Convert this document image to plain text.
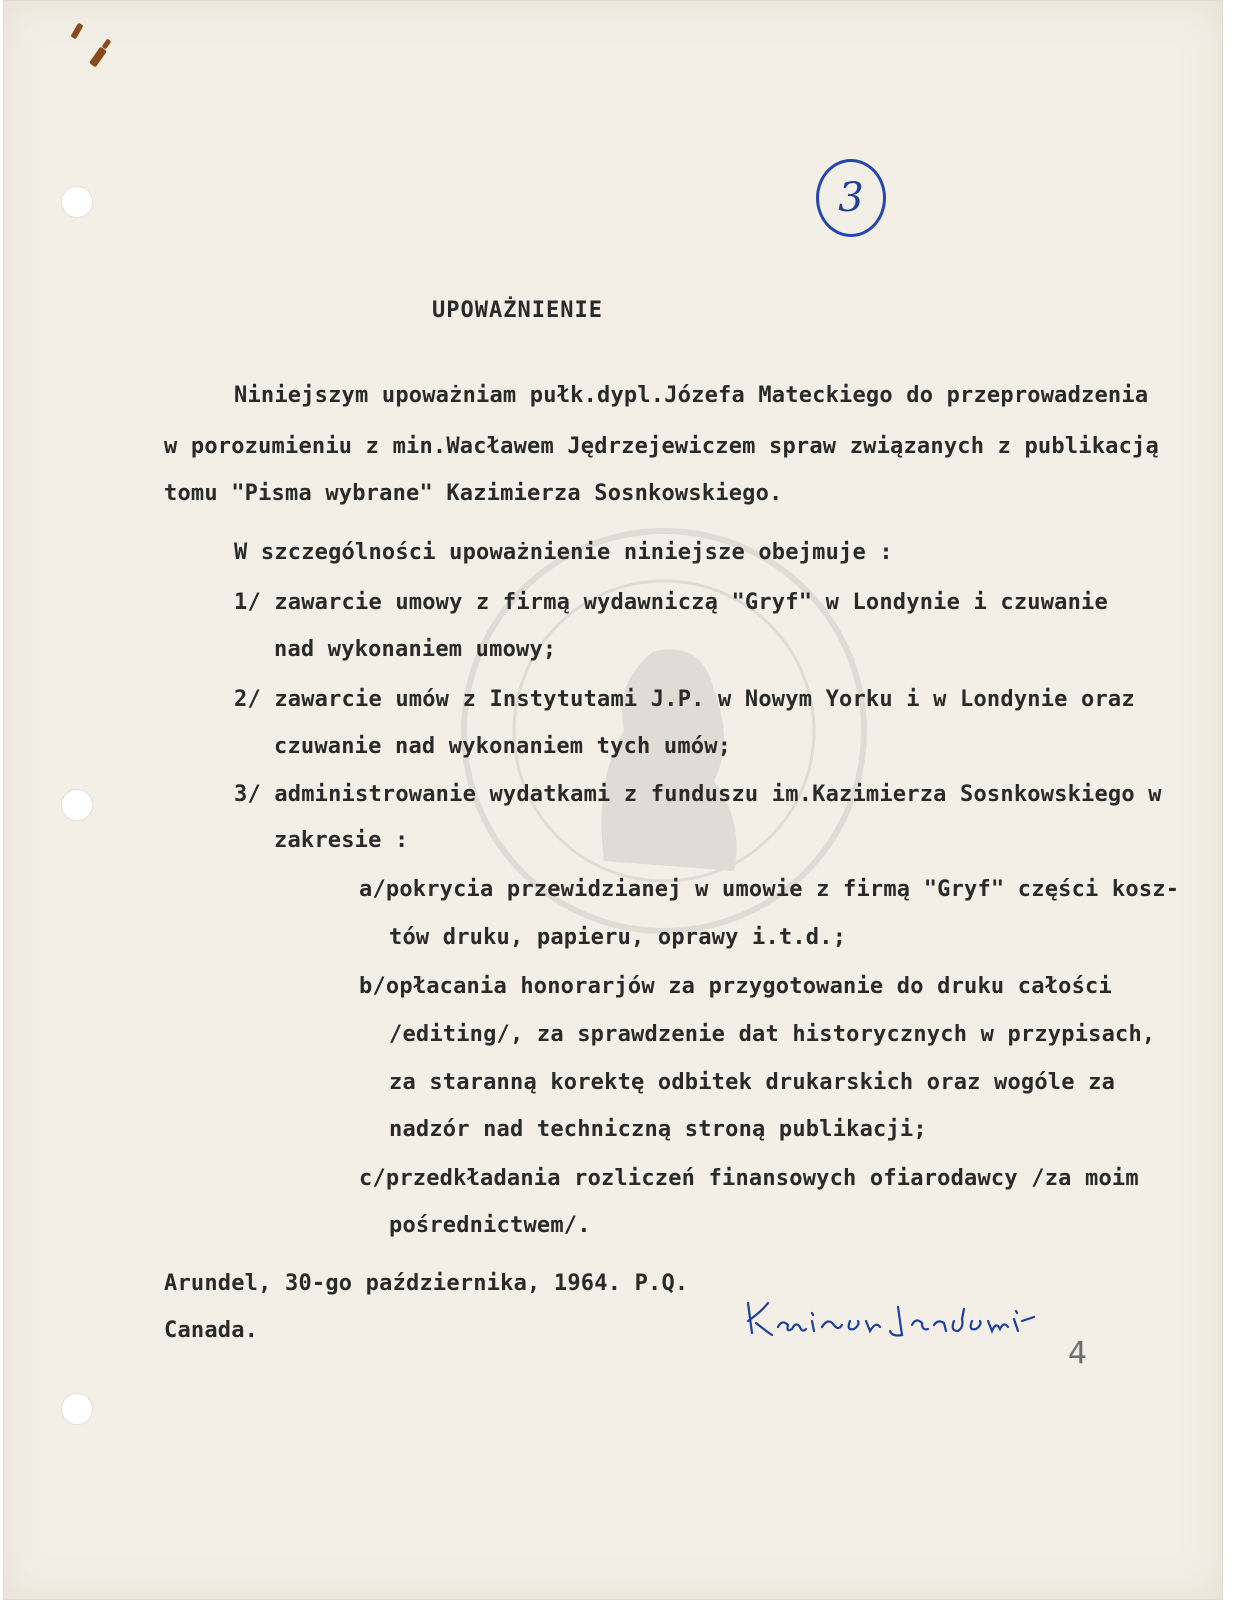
3
UPOWAŻNIENIE
Niniejszym upoważniam pułk.dypl.Józefa Mateckiego do przeprowadzenia
w porozumieniu z min.Wacławem Jędrzejewiczem spraw związanych z publikacją
tomu "Pisma wybrane" Kazimierza Sosnkowskiego.
W szczególności upoważnienie niniejsze obejmuje :
1/ zawarcie umowy z firmą wydawniczą "Gryf" w Londynie i czuwanie
nad wykonaniem umowy;
2/ zawarcie umów z Instytutami J.P. w Nowym Yorku i w Londynie oraz
czuwanie nad wykonaniem tych umów;
3/ administrowanie wydatkami z funduszu im.Kazimierza Sosnkowskiego w
zakresie :
a/pokrycia przewidzianej w umowie z firmą "Gryf" części kosz-
tów druku, papieru, oprawy i.t.d.;
b/opłacania honorarjów za przygotowanie do druku całości
/editing/, za sprawdzenie dat historycznych w przypisach,
za staranną korektę odbitek drukarskich oraz wogóle za
nadzór nad techniczną stroną publikacji;
c/przedkładania rozliczeń finansowych ofiarodawcy /za moim
pośrednictwem/.
Arundel, 30-go października, 1964. P.Q.
Canada.
4
